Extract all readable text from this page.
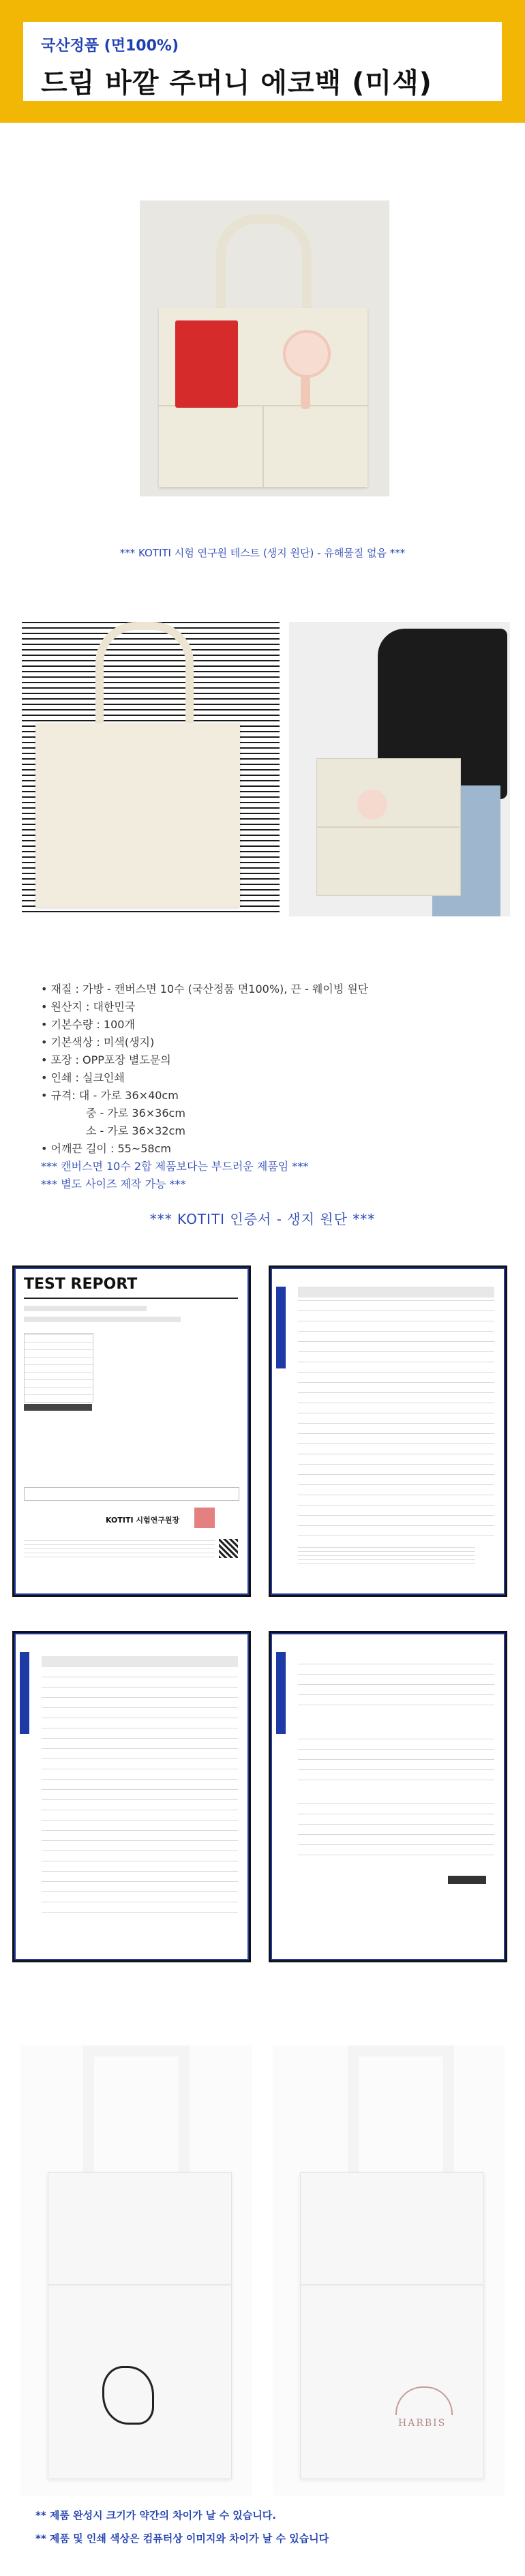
국산정품 (면100%)
드림 바깥 주머니 에코백 (미색)
*** KOTITI 시험 연구원 테스트 (생지 원단) - 유해물질 없음 ***
• 재질 : 가방 - 캔버스면 10수 (국산정품 면100%), 끈 - 웨이빙 원단
• 원산지 : 대한민국
• 기본수량 : 100개
• 기본색상 : 미색(생지)
• 포장 : OPP포장 별도문의
• 인쇄 : 실크인쇄
• 규격: 대 - 가로 36×40cm
중 - 가로 36×36cm
소 - 가로 36×32cm
• 어깨끈 길이 : 55~58cm
*** 캔버스면 10수 2합 제품보다는 부드러운 제품임 ***
*** 별도 사이즈 제작 가능 ***
*** KOTITI 인증서 - 생지 원단 ***
TEST REPORT
KOTITI 시험연구원장
HARBIS
** 제품 완성시 크기가 약간의 차이가 날 수 있습니다.
** 제품 및 인쇄 색상은 컴퓨터상 이미지와 차이가 날 수 있습니다
